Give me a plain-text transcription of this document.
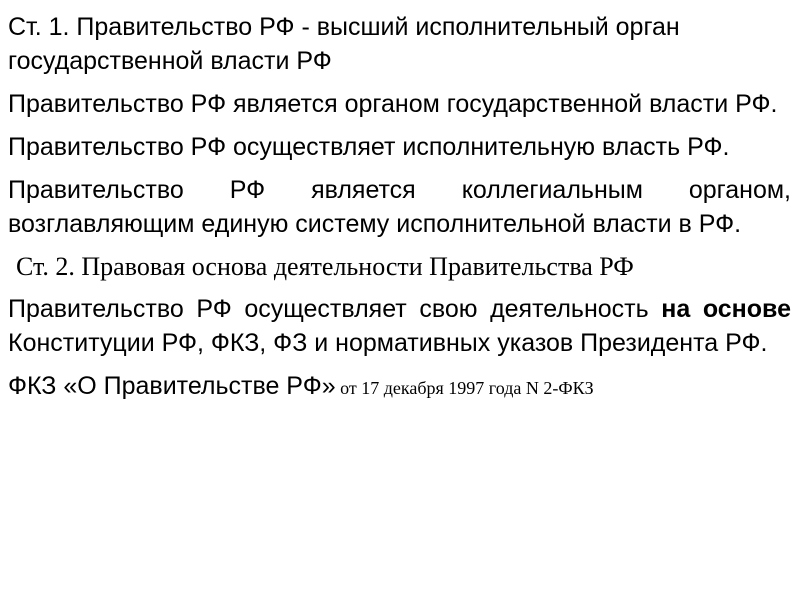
Ст. 1. Правительство РФ - высший исполнительный орган государственной власти РФ

Правительство РФ является органом государственной власти РФ.

Правительство РФ осуществляет исполнительную власть РФ.

Правительство РФ является коллегиальным органом, возглавляющим единую систему исполнительной власти в РФ.

Ст. 2. Правовая основа деятельности Правительства РФ

Правительство РФ осуществляет свою деятельность на основе Конституции РФ, ФКЗ, ФЗ и нормативных указов Президента РФ.

ФКЗ «О Правительстве РФ» от 17 декабря 1997 года N 2-ФКЗ
